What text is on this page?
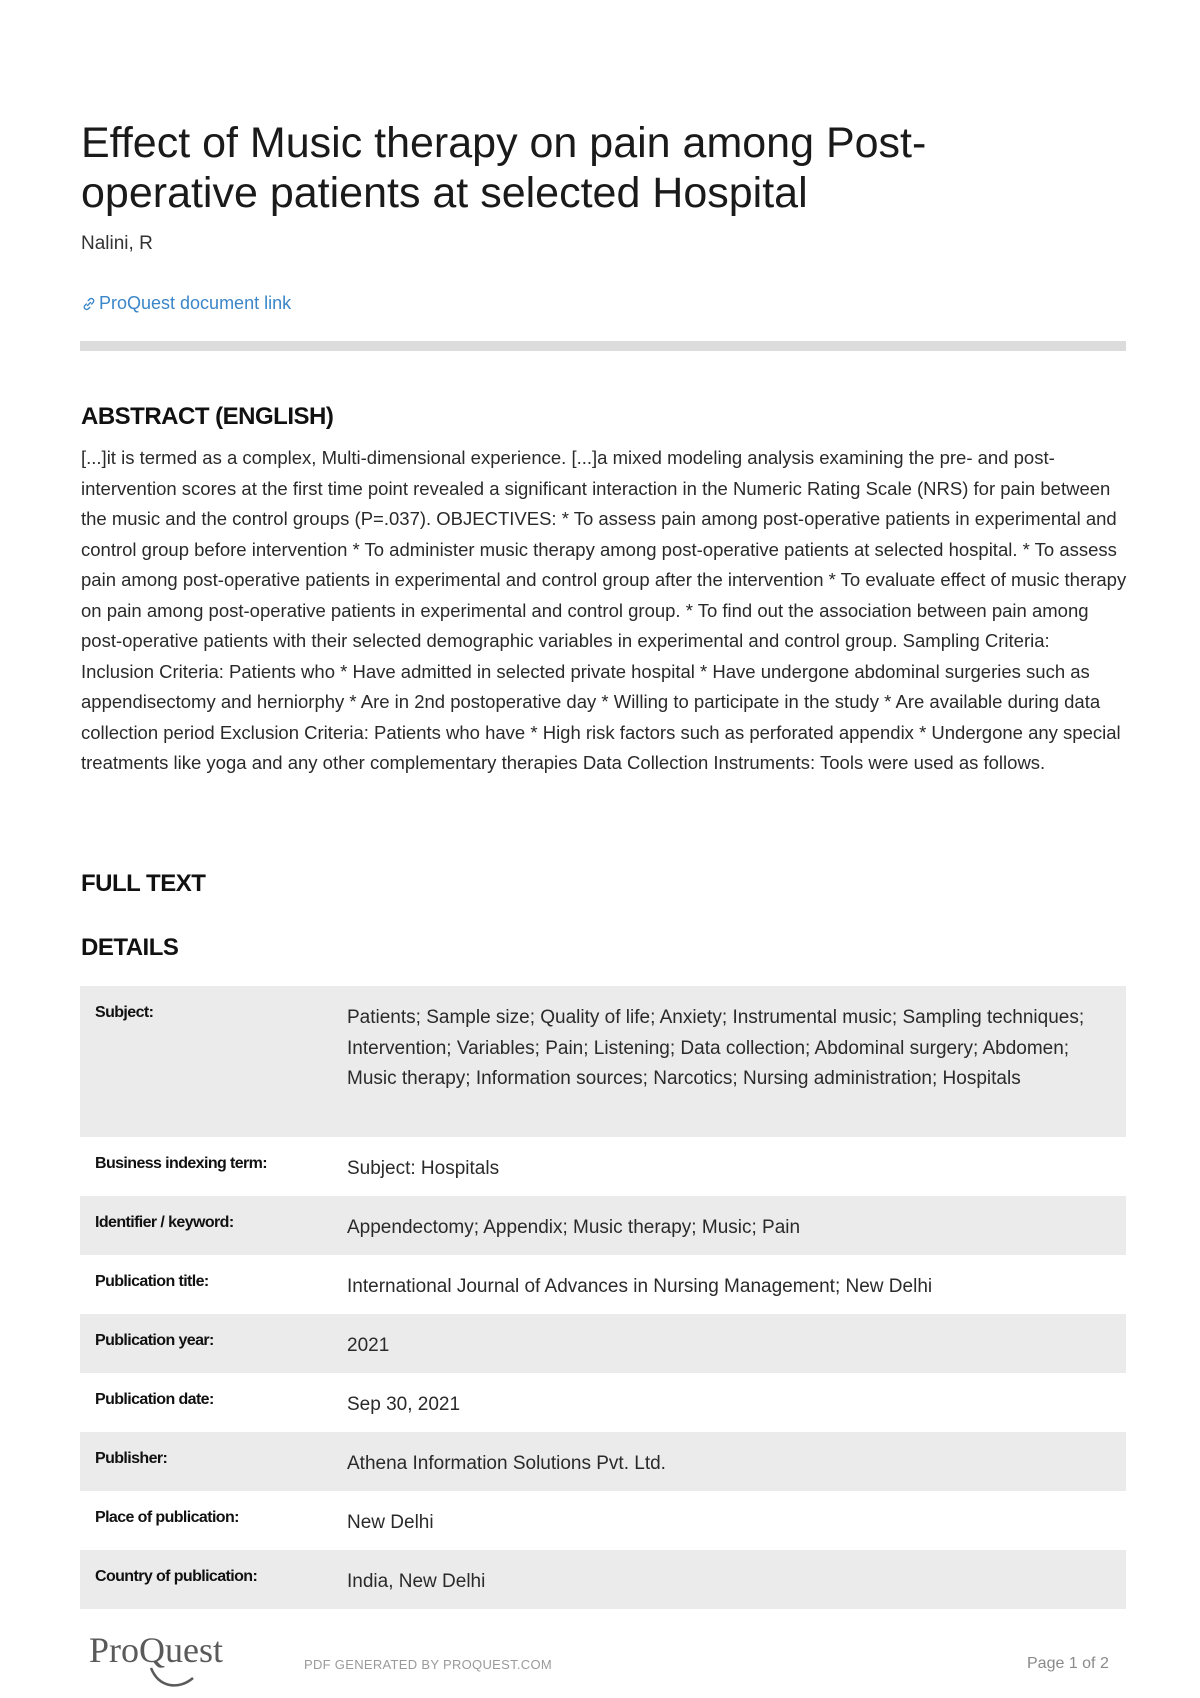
Effect of Music therapy on pain among Post-operative patients at selected Hospital
Nalini, R
ProQuest document link
ABSTRACT (ENGLISH)

[...]it is termed as a complex, Multi-dimensional experience. [...]a mixed modeling analysis examining the pre- and post-intervention scores at the first time point revealed a significant interaction in the Numeric Rating Scale (NRS) for pain between the music and the control groups (P=.037). OBJECTIVES: * To assess pain among post-operative patients in experimental and control group before intervention * To administer music therapy among post-operative patients at selected hospital. * To assess pain among post-operative patients in experimental and control group after the intervention * To evaluate effect of music therapy on pain among post-operative patients in experimental and control group. * To find out the association between pain among post-operative patients with their selected demographic variables in experimental and control group. Sampling Criteria: Inclusion Criteria: Patients who * Have admitted in selected private hospital * Have undergone abdominal surgeries such as appendisectomy and herniorphy * Are in 2nd postoperative day * Willing to participate in the study * Are available during data collection period Exclusion Criteria: Patients who have * High risk factors such as perforated appendix * Undergone any special treatments like yoga and any other complementary therapies Data Collection Instruments: Tools were used as follows.

FULL TEXT
DETAILS
Subject:	Patients; Sample size; Quality of life; Anxiety; Instrumental music; Sampling techniques; Intervention; Variables; Pain; Listening; Data collection; Abdominal surgery; Abdomen; Music therapy; Information sources; Narcotics; Nursing administration; Hospitals
Business indexing term:	Subject: Hospitals
Identifier / keyword:	Appendectomy; Appendix; Music therapy; Music; Pain
Publication title:	International Journal of Advances in Nursing Management; New Delhi
Publication year:	2021
Publication date:	Sep 30, 2021
Publisher:	Athena Information Solutions Pvt. Ltd.
Place of publication:	New Delhi
Country of publication:	India, New Delhi
ProQuest	PDF GENERATED BY PROQUEST.COM	Page 1 of 2
